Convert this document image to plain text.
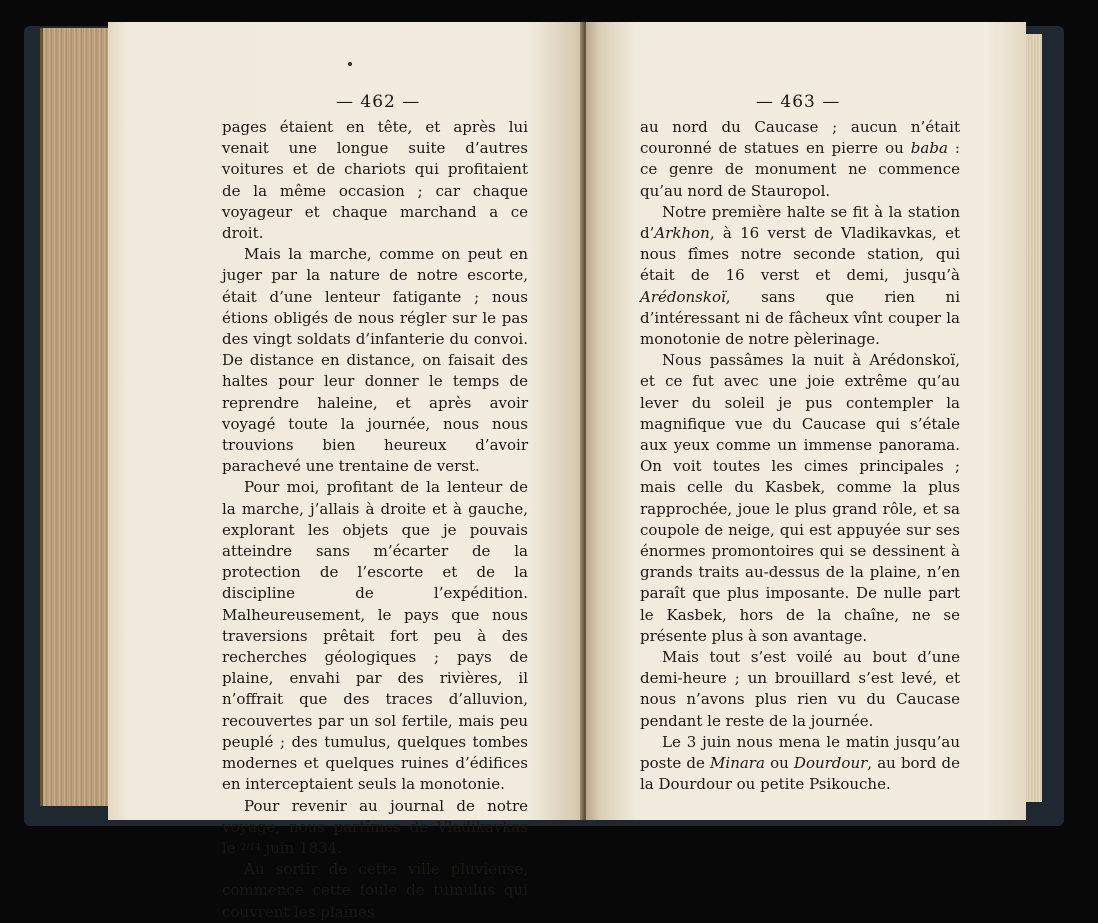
— 462 —

pages étaient en tête, et après lui venait une longue suite d’autres voitures et de chariots qui profitaient de la même occasion ; car chaque voyageur et chaque marchand a ce droit.

Mais la marche, comme on peut en juger par la nature de notre escorte, était d’une lenteur fatigante ; nous étions obligés de nous régler sur le pas des vingt soldats d’infanterie du convoi. De distance en distance, on faisait des haltes pour leur donner le temps de reprendre haleine, et après avoir voyagé toute la journée, nous nous trouvions bien heureux d’avoir parachevé une trentaine de verst.

Pour moi, profitant de la lenteur de la marche, j’allais à droite et à gauche, explorant les objets que je pouvais atteindre sans m’écarter de la protection de l’escorte et de la discipline de l’expédition. Malheureusement, le pays que nous traversions prêtait fort peu à des recherches géologiques ; pays de plaine, envahi par des rivières, il n’offrait que des traces d’alluvion, recouvertes par un sol fertile, mais peu peuplé ; des tumulus, quelques tombes modernes et quelques ruines d’édifices en interceptaient seuls la monotonie.

Pour revenir au journal de notre voyage, nous partîmes de Vladikavkas le $^{2/14}$ juin 1834.

Au sortir de cette ville pluvieuse, commence cette foule de tumulus qui couvrent les plaines

— 463 —

au nord du Caucase ; aucun n’était couronné de statues en pierre ou baba : ce genre de monument ne commence qu’au nord de Stauropol.

Notre première halte se fit à la station d’Arkhon, à 16 verst de Vladikavkas, et nous fîmes notre seconde station, qui était de 16 verst et demi, jusqu’à Arédonskoï, sans que rien ni d’intéressant ni de fâcheux vînt couper la monotonie de notre pèlerinage.

Nous passâmes la nuit à Arédonskoï, et ce fut avec une joie extrême qu’au lever du soleil je pus contempler la magnifique vue du Caucase qui s’étale aux yeux comme un immense panorama. On voit toutes les cimes principales ; mais celle du Kasbek, comme la plus rapprochée, joue le plus grand rôle, et sa coupole de neige, qui est appuyée sur ses énormes promontoires qui se dessinent à grands traits au-dessus de la plaine, n’en paraît que plus imposante. De nulle part le Kasbek, hors de la chaîne, ne se présente plus à son avantage.

Mais tout s’est voilé au bout d’une demi-heure ; un brouillard s’est levé, et nous n’avons plus rien vu du Caucase pendant le reste de la journée.

Le 3 juin nous mena le matin jusqu’au poste de Minara ou Dourdour, au bord de la Dourdour ou petite Psikouche.
